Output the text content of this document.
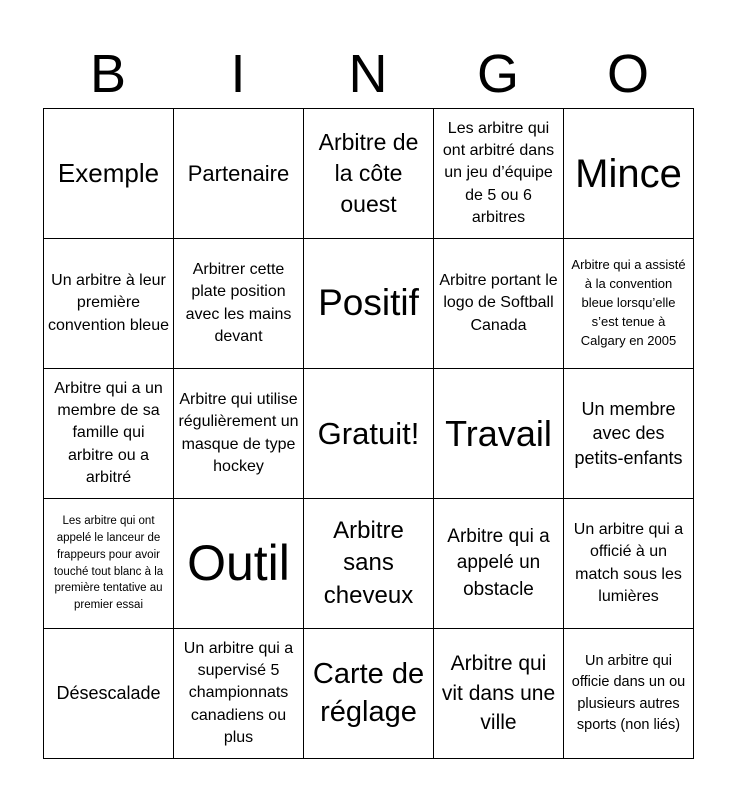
B	I	N	G	O
Exemple	Partenaire	Arbitre de la côte ouest	Les arbitre qui ont arbitré dans un jeu d’équipe de 5 ou 6 arbitres	Mince
Un arbitre à leur première convention bleue	Arbitrer cette plate position avec les mains devant	Positif	Arbitre portant le logo de Softball Canada	Arbitre qui a assisté à la convention bleue lorsqu’elle s’est tenue à Calgary en 2005
Arbitre qui a un membre de sa famille qui arbitre ou a arbitré	Arbitre qui utilise régulièrement un masque de type hockey	Gratuit!	Travail	Un membre avec des petits-enfants
Les arbitre qui ont appelé le lanceur de frappeurs pour avoir touché tout blanc à la première tentative au premier essai	Outil	Arbitre sans cheveux	Arbitre qui a appelé un obstacle	Un arbitre qui a officié à un match sous les lumières
Désescalade	Un arbitre qui a supervisé 5 championnats canadiens ou plus	Carte de réglage	Arbitre qui vit dans une ville	Un arbitre qui officie dans un ou plusieurs autres sports (non liés)
